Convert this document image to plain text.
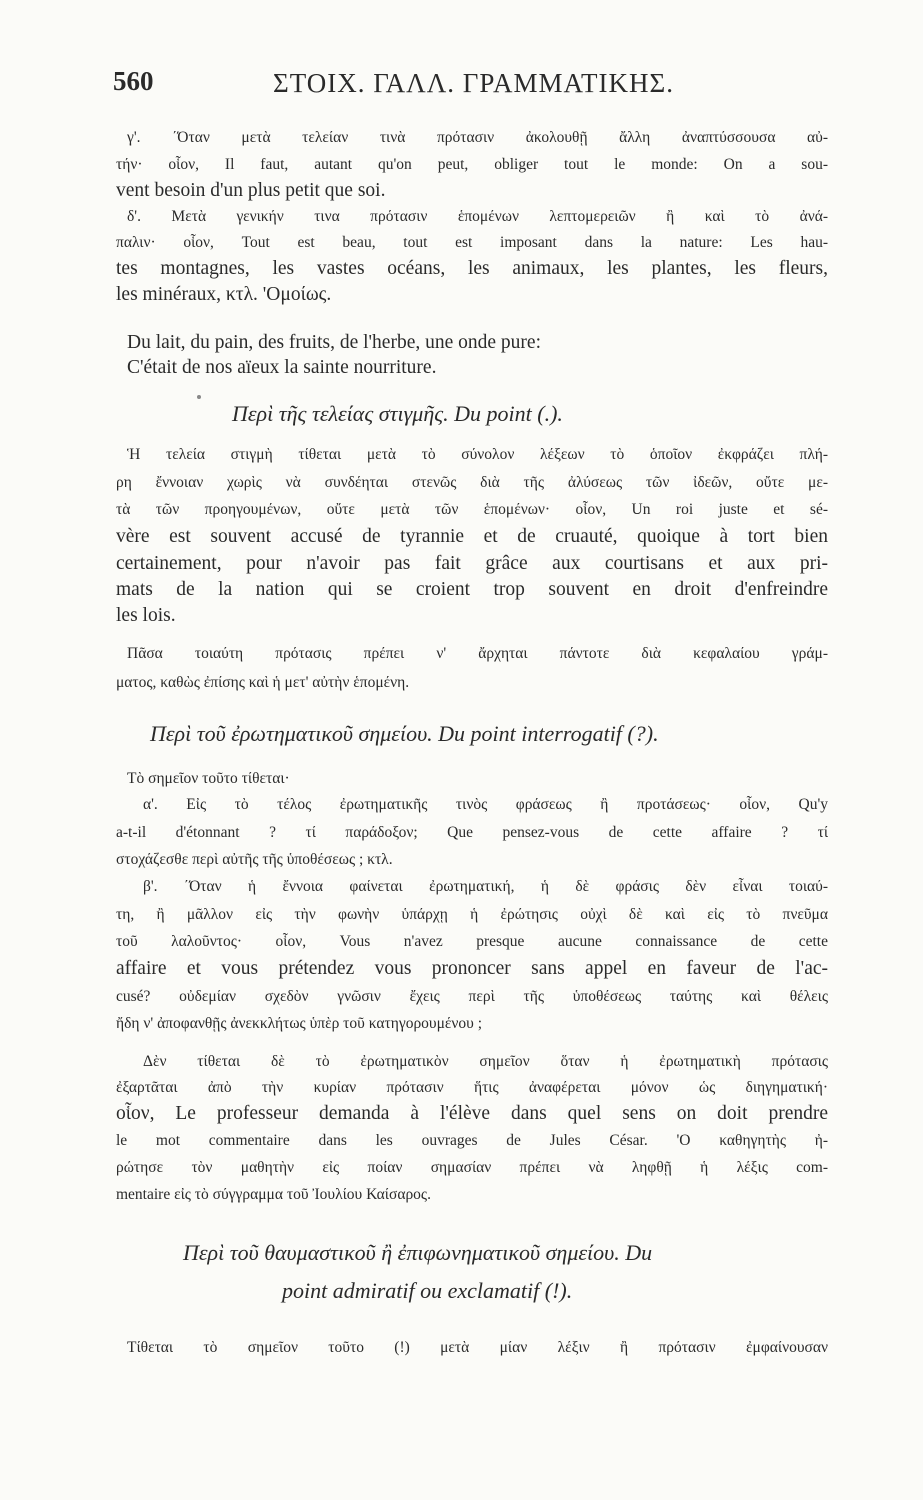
560	ΣΤΟΙΧ. ΓΑΛΛ. ΓΡΑΜΜΑΤΙΚΗΣ.
γ'. ΄Όταν μετὰ τελείαν τινὰ πρότασιν ἀκολουθῇ ἄλλη ἀναπτύσσουσα αὐ-
τήν· οἷον, Il faut, autant qu'on peut, obliger tout le monde: On a sou-
vent besoin d'un plus petit que soi.
δ'. Μετὰ γενικήν τινα πρότασιν ἑπομένων λεπτομερειῶν ἢ καὶ τὸ ἀνά-
παλιν· οἷον, Tout est beau, tout est imposant dans la nature: Les hau-
tes montagnes, les vastes océans, les animaux, les plantes, les fleurs,
les minéraux, κτλ. 'Ομοίως.
Du lait, du pain, des fruits, de l'herbe, une onde pure:
C'était de nos aïeux la sainte nourriture.
Περὶ τῆς τελείας στιγμῆς. Du point (.).
Ἡ τελεία στιγμὴ τίθεται μετὰ τὸ σύνολον λέξεων τὸ ὁποῖον ἐκφράζει πλή-
ρη ἔννοιαν χωρὶς νὰ συνδέηται στενῶς διὰ τῆς ἀλύσεως τῶν ἰδεῶν, οὔτε με-
τὰ τῶν προηγουμένων, οὔτε μετὰ τῶν ἑπομένων· οἷον, Un roi juste et sé-
vère est souvent accusé de tyrannie et de cruauté, quoique à tort bien
certainement, pour n'avoir pas fait grâce aux courtisans et aux pri-
mats de la nation qui se croient trop souvent en droit d'enfreindre
les lois.
Πᾶσα τοιαύτη πρότασις πρέπει ν' ἄρχηται πάντοτε διὰ κεφαλαίου γράμ-
ματος, καθὼς ἐπίσης καὶ ἡ μετ' αὐτὴν ἑπομένη.
Περὶ τοῦ ἐρωτηματικοῦ σημείου. Du point interrogatif (?).
Τὸ σημεῖον τοῦτο τίθεται·
α'. Εἰς τὸ τέλος ἐρωτηματικῆς τινὸς φράσεως ἢ προτάσεως· οἷον, Qu'y
a-t-il d'étonnant ? τί παράδοξον; Que pensez-vous de cette affaire ? τί
στοχάζεσθε περὶ αὐτῆς τῆς ὑποθέσεως ; κτλ.
β'. ΄Όταν ἡ ἔννοια φαίνεται ἐρωτηματική, ἡ δὲ φράσις δὲν εἶναι τοιαύ-
τη, ἢ μᾶλλον εἰς τὴν φωνὴν ὑπάρχῃ ἡ ἐρώτησις οὐχὶ δὲ καὶ εἰς τὸ πνεῦμα
τοῦ λαλοῦντος· οἷον, Vous n'avez presque aucune connaissance de cette
affaire et vous prétendez vous prononcer sans appel en faveur de l'ac-
cusé? οὐδεμίαν σχεδὸν γνῶσιν ἔχεις περὶ τῆς ὑποθέσεως ταύτης καὶ θέλεις
ἤδη ν' ἀποφανθῇς ἀνεκκλήτως ὑπὲρ τοῦ κατηγορουμένου ;
Δὲν τίθεται δὲ τὸ ἐρωτηματικὸν σημεῖον ὅταν ἡ ἐρωτηματικὴ πρότασις
ἐξαρτᾶται ἀπὸ τὴν κυρίαν πρότασιν ἥτις ἀναφέρεται μόνον ὡς διηγηματική·
οἷον, Le professeur demanda à l'élève dans quel sens on doit prendre
le mot commentaire dans les ouvrages de Jules César. 'Ο καθηγητὴς ἠ-
ρώτησε τὸν μαθητὴν εἰς ποίαν σημασίαν πρέπει νὰ ληφθῇ ἡ λέξις com-
mentaire εἰς τὸ σύγγραμμα τοῦ Ἰουλίου Καίσαρος.
Περὶ τοῦ θαυμαστικοῦ ἢ ἐπιφωνηματικοῦ σημείου. Du
point admiratif ou exclamatif (!).
Τίθεται τὸ σημεῖον τοῦτο (!) μετὰ μίαν λέξιν ἢ πρότασιν ἐμφαίνουσαν
